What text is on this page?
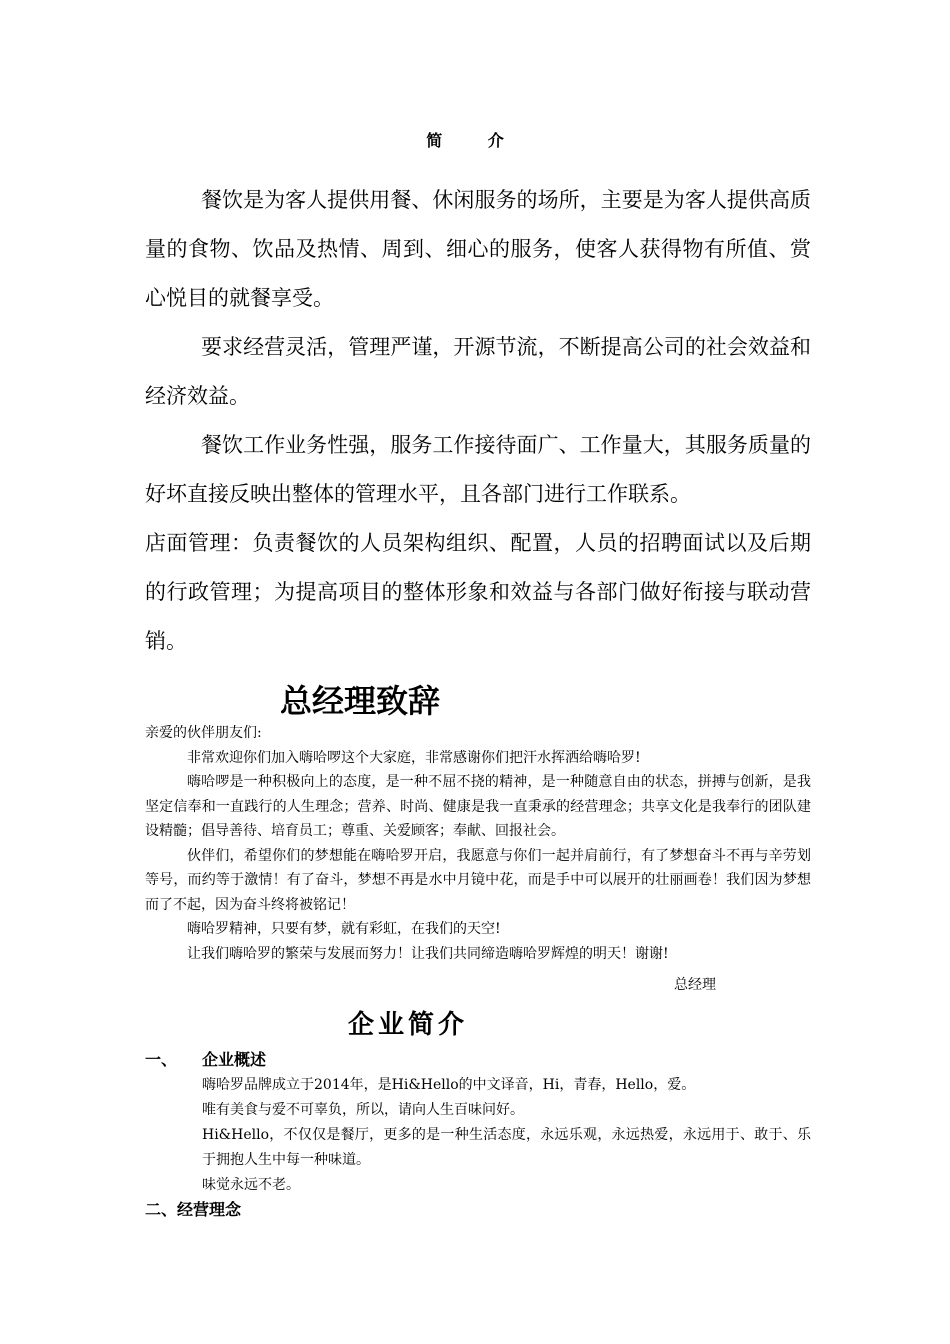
简 介

餐饮是为客人提供用餐、休闲服务的场所，主要是为客人提供高质量的食物、饮品及热情、周到、细心的服务，使客人获得物有所值、赏心悦目的就餐享受。

要求经营灵活，管理严谨，开源节流，不断提高公司的社会效益和经济效益。

餐饮工作业务性强，服务工作接待面广、工作量大，其服务质量的好坏直接反映出整体的管理水平，且各部门进行工作联系。

店面管理：负责餐饮的人员架构组织、配置，人员的招聘面试以及后期的行政管理；为提高项目的整体形象和效益与各部门做好衔接与联动营销。

总经理致辞

亲爱的伙伴朋友们:

非常欢迎你们加入嗨哈啰这个大家庭，非常感谢你们把汗水挥洒给嗨哈罗!

嗨哈啰是一种积极向上的态度，是一种不屈不挠的精神，是一种随意自由的状态，拼搏与创新，是我坚定信奉和一直践行的人生理念；营养、时尚、健康是我一直秉承的经营理念；共享文化是我奉行的团队建设精髓；倡导善待、培育员工；尊重、关爱顾客；奉献、回报社会。

伙伴们，希望你们的梦想能在嗨哈罗开启，我愿意与你们一起并肩前行，有了梦想奋斗不再与辛劳划等号，而约等于激情！有了奋斗，梦想不再是水中月镜中花，而是手中可以展开的壮丽画卷！我们因为梦想而了不起，因为奋斗终将被铭记！

嗨哈罗精神，只要有梦，就有彩虹，在我们的天空!

让我们嗨哈罗的繁荣与发展而努力！让我们共同缔造嗨哈罗辉煌的明天！谢谢!

总经理
企业简介
一、 企业概述

嗨哈罗品牌成立于2014年，是Hi&Hello的中文译音，Hi，青春，Hello，爱。

唯有美食与爱不可辜负，所以，请向人生百味问好。

Hi&Hello，不仅仅是餐厅，更多的是一种生活态度，永远乐观，永远热爱，永远用于、敢于、乐于拥抱人生中每一种味道。

味觉永远不老。

二、经营理念
